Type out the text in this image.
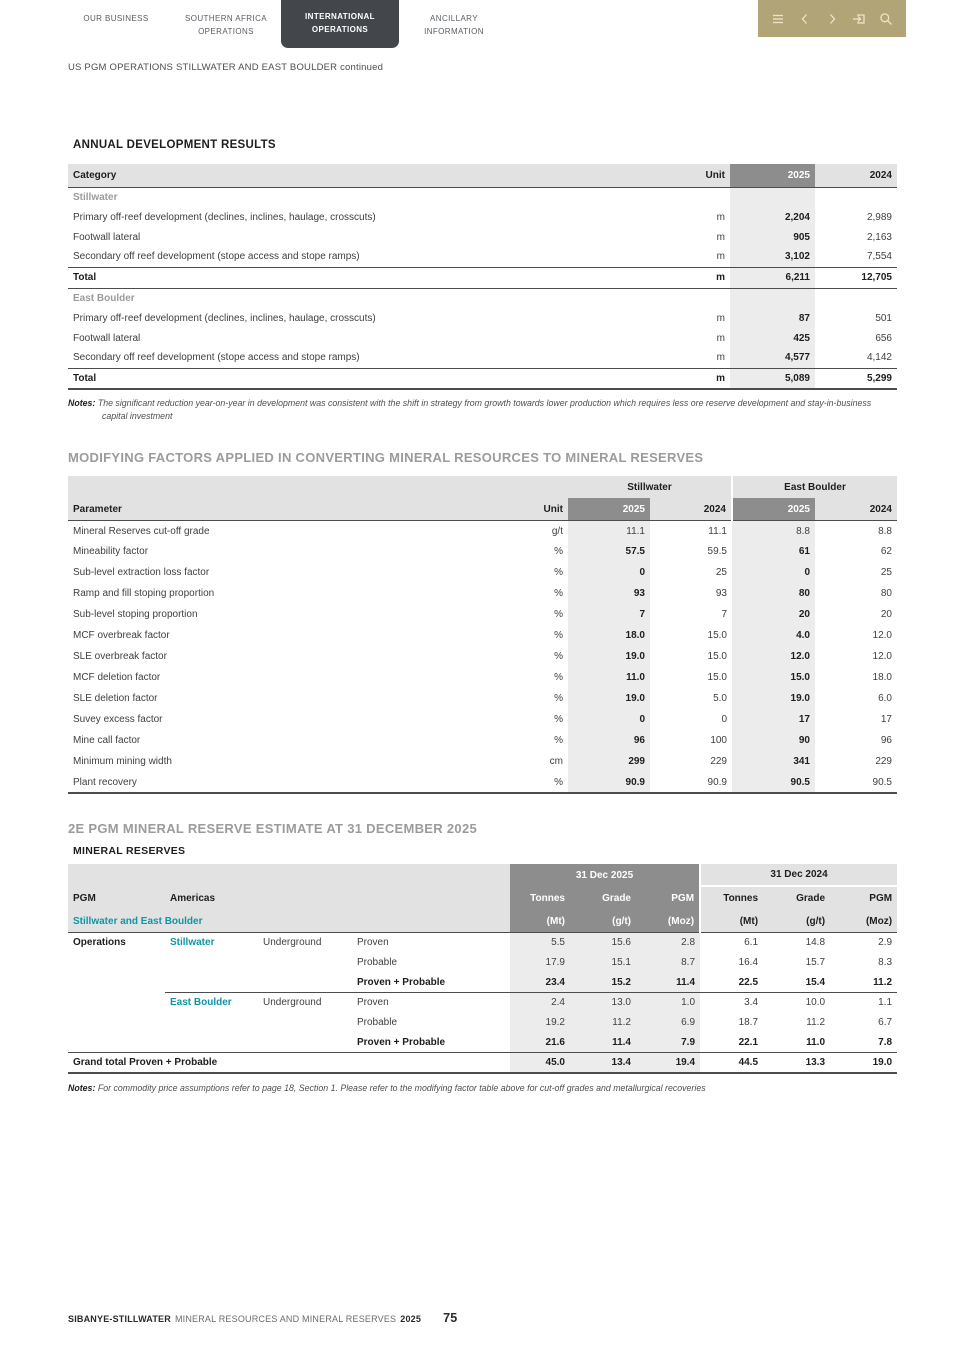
OUR BUSINESS	SOUTHERN AFRICA OPERATIONS
INTERNATIONAL OPERATIONS
ANCILLARY INFORMATION
US PGM OPERATIONS STILLWATER AND EAST BOULDER continued
ANNUAL DEVELOPMENT RESULTS
Category	Unit	2025	2024
Stillwater			
Primary off-reef development (declines, inclines, haulage, crosscuts)	m	2,204	2,989
Footwall lateral	m	905	2,163
Secondary off reef development (stope access and stope ramps)	m	3,102	7,554
Total	m	6,211	12,705
East Boulder			
Primary off-reef development (declines, inclines, haulage, crosscuts)	m	87	501
Footwall lateral	m	425	656
Secondary off reef development (stope access and stope ramps)	m	4,577	4,142
Total	m	5,089	5,299
Notes: The significant reduction year-on-year in development was consistent with the shift in strategy from growth towards lower production which requires less ore reserve development and stay-in-business capital investment
MODIFYING FACTORS APPLIED IN CONVERTING MINERAL RESOURCES TO MINERAL RESERVES
		Stillwater		East Boulder	
Parameter	Unit	2025	2024	2025	2024
Mineral Reserves cut-off grade	g/t	11.1	11.1	8.8	8.8
Mineability factor	%	57.5	59.5	61	62
Sub-level extraction loss factor	%	0	25	0	25
Ramp and fill stoping proportion	%	93	93	80	80
Sub-level stoping proportion	%	7	7	20	20
MCF overbreak factor	%	18.0	15.0	4.0	12.0
SLE overbreak factor	%	19.0	15.0	12.0	12.0
MCF deletion factor	%	11.0	15.0	15.0	18.0
SLE deletion factor	%	19.0	5.0	19.0	6.0
Suvey excess factor	%	0	0	17	17
Mine call factor	%	96	100	90	96
Minimum mining width	cm	299	229	341	229
Plant recovery	%	90.9	90.9	90.5	90.5
2E PGM MINERAL RESERVE ESTIMATE AT 31 DECEMBER 2025
MINERAL RESERVES
				31 Dec 2025			31 Dec 2024		
PGM	Americas			Tonnes	Grade	PGM	Tonnes	Grade	PGM
Stillwater and East Boulder				(Mt)	(g/t)	(Moz)	(Mt)	(g/t)	(Moz)
Operations	Stillwater	Underground	Proven	5.5	15.6	2.8	6.1	14.8	2.9
			Probable	17.9	15.1	8.7	16.4	15.7	8.3
			Proven + Probable	23.4	15.2	11.4	22.5	15.4	11.2
	East Boulder	Underground	Proven	2.4	13.0	1.0	3.4	10.0	1.1
			Probable	19.2	11.2	6.9	18.7	11.2	6.7
			Proven + Probable	21.6	11.4	7.9	22.1	11.0	7.8
Grand total Proven + Probable				45.0	13.4	19.4	44.5	13.3	19.0
Notes: For commodity price assumptions refer to page 18, Section 1. Please refer to the modifying factor table above for cut-off grades and metallurgical recoveries
SIBANYE-STILLWATER MINERAL RESOURCES AND MINERAL RESERVES 2025 75
